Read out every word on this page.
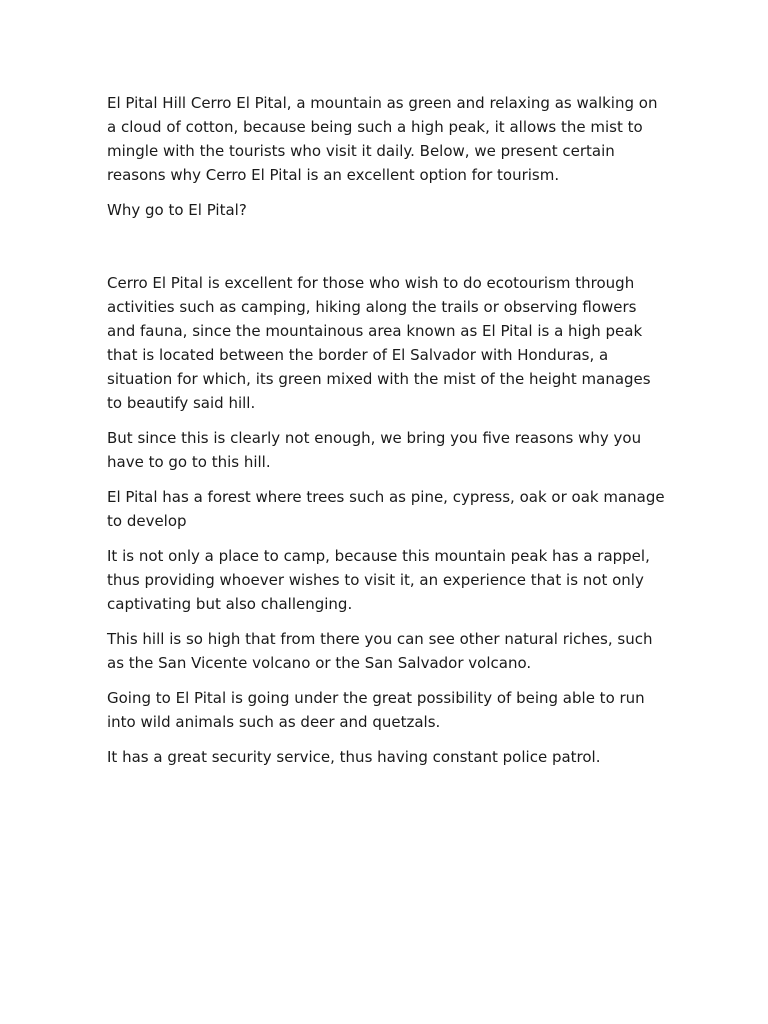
El Pital Hill Cerro El Pital, a mountain as green and relaxing as walking on a cloud of cotton, because being such a high peak, it allows the mist to mingle with the tourists who visit it daily. Below, we present certain reasons why Cerro El Pital is an excellent option for tourism.

Why go to El Pital?

Cerro El Pital is excellent for those who wish to do ecotourism through activities such as camping, hiking along the trails or observing flowers and fauna, since the mountainous area known as El Pital is a high peak that is located between the border of El Salvador with Honduras, a situation for which, its green mixed with the mist of the height manages to beautify said hill.

But since this is clearly not enough, we bring you five reasons why you have to go to this hill.

El Pital has a forest where trees such as pine, cypress, oak or oak manage to develop

It is not only a place to camp, because this mountain peak has a rappel, thus providing whoever wishes to visit it, an experience that is not only captivating but also challenging.

This hill is so high that from there you can see other natural riches, such as the San Vicente volcano or the San Salvador volcano.

Going to El Pital is going under the great possibility of being able to run into wild animals such as deer and quetzals.

It has a great security service, thus having constant police patrol.
